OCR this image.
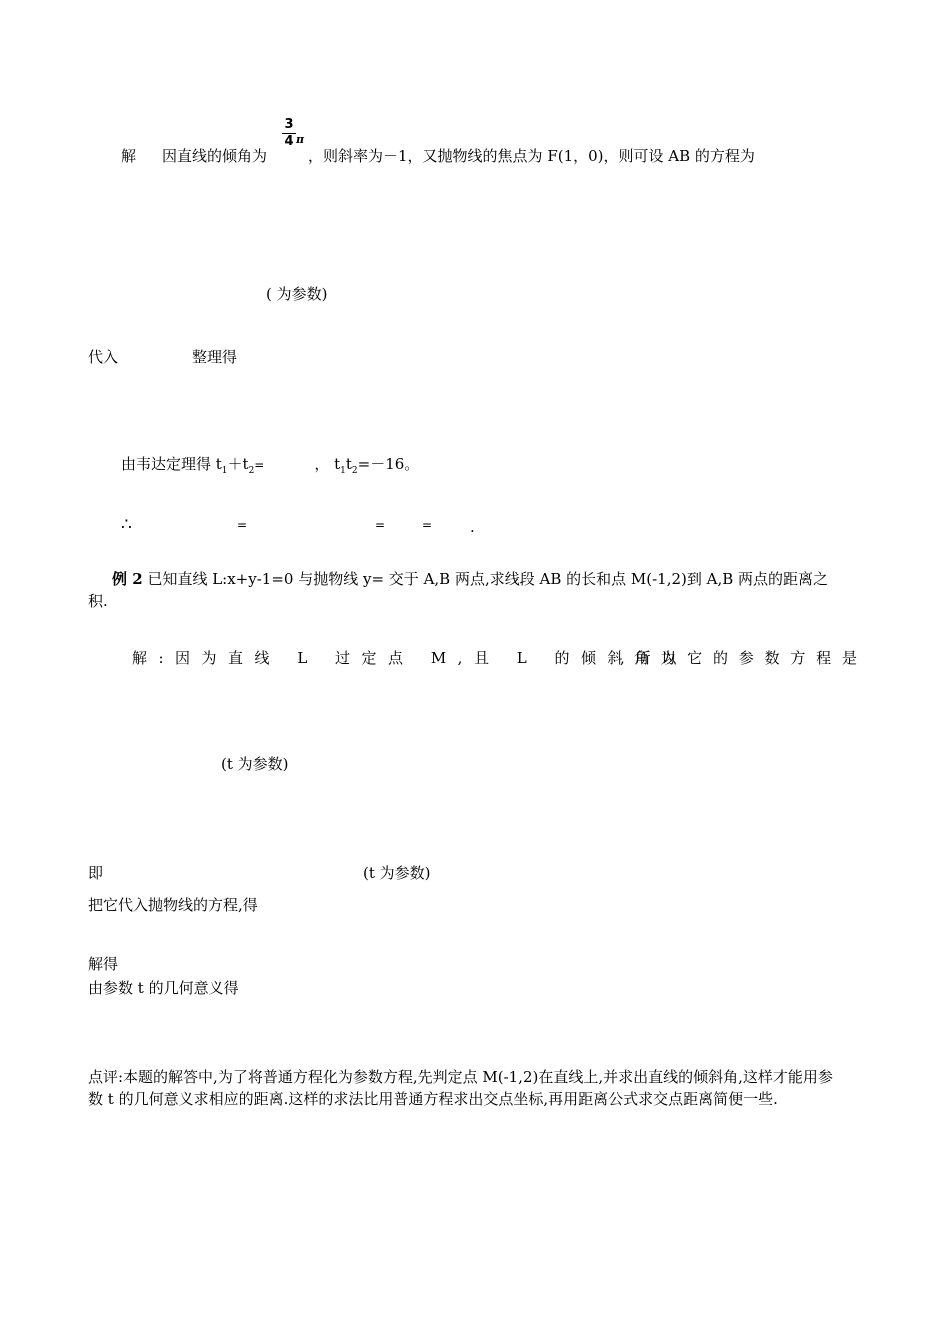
解 因直线的倾角为
3
4 π
，则斜率为－1，又抛物线的焦点为 F(1，0)，则可设 AB 的方程为
( 为参数)
代入	整理得
由韦达定理得 $t_1+t_2=$	， $t_1t_2=-16$。
∴	=	=	=	.
例 2 已知直线 L:x+y-1=0 与抛物线 y= 交于 A,B 两点,求线段 AB 的长和点 M(-1,2)到 A,B 两点的距离之积.
解:因为直线 L 过定点 M,且 L 的倾斜角为
,所以它的参数方程是
(t 为参数)
即	(t 为参数)
把它代入抛物线的方程,得
解得
由参数 t 的几何意义得
点评:本题的解答中,为了将普通方程化为参数方程,先判定点 M(-1,2)在直线上,并求出直线的倾斜角,这样才能用参数 t 的几何意义求相应的距离.这样的求法比用普通方程求出交点坐标,再用距离公式求交点距离简便一些.
